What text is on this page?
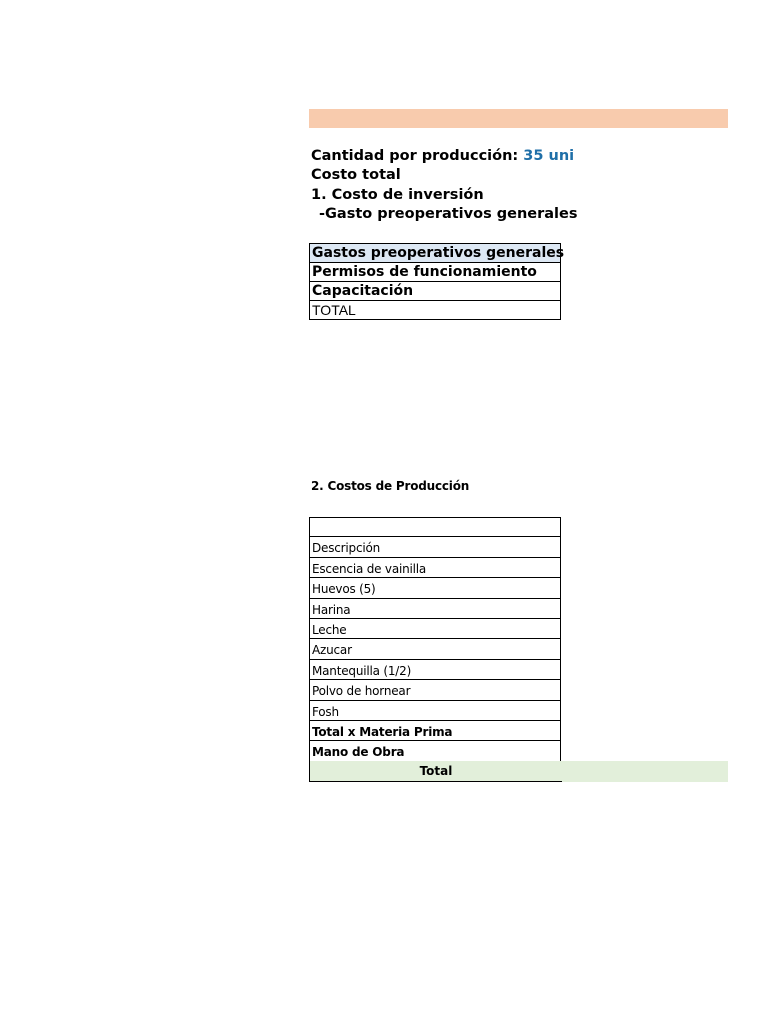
Cantidad por producción: 35 uni
Costo total
1. Costo de inversión
-Gasto preoperativos generales
Gastos preoperativos generales
Permisos de funcionamiento
Capacitación
TOTAL
2. Costos de Producción
Descripción
Escencia de vainilla
Huevos (5)
Harina
Leche
Azucar
Mantequilla (1/2)
Polvo de hornear
Fosh
Total x Materia Prima
Mano de Obra
Total
